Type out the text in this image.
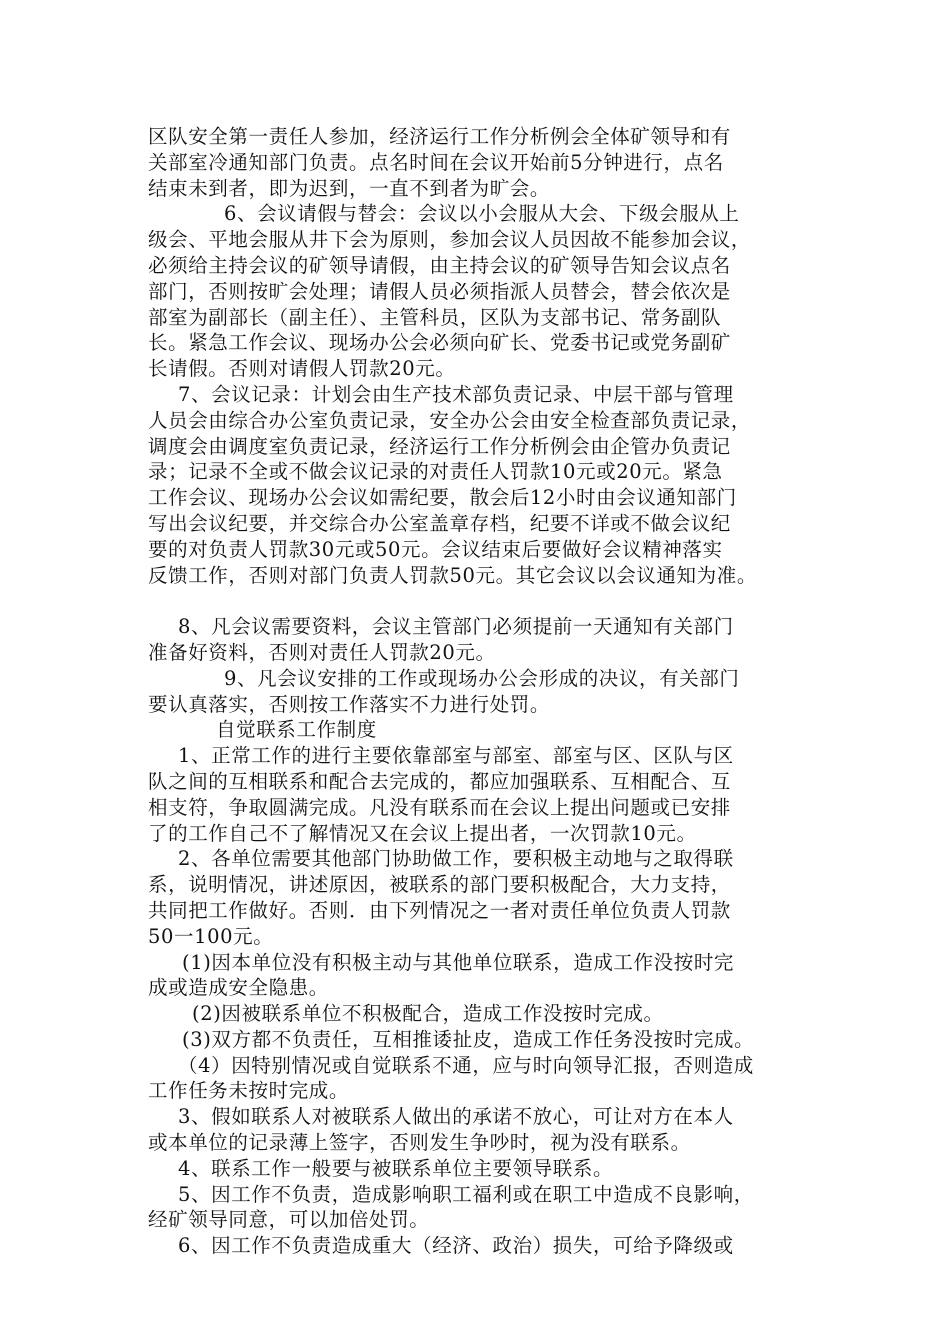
区队安全第一责任人参加，经济运行工作分析例会全体矿领导和有
关部室冷通知部门负责。点名时间在会议开始前5分钟进行，点名
结束未到者，即为迟到，一直不到者为旷会。
6、会议请假与替会：会议以小会服从大会、下级会服从上
级会、平地会服从井下会为原则，参加会议人员因故不能参加会议，
必须给主持会议的矿领导请假，由主持会议的矿领导告知会议点名
部门，否则按旷会处理；请假人员必须指派人员替会，替会依次是
部室为副部长（副主任）、主管科员，区队为支部书记、常务副队
长。紧急工作会议、现场办公会必须向矿长、党委书记或党务副矿
长请假。否则对请假人罚款20元。
7、会议记录：计划会由生产技术部负责记录、中层干部与管理
人员会由综合办公室负责记录，安全办公会由安全检查部负责记录，
调度会由调度室负责记录，经济运行工作分析例会由企管办负责记
录；记录不全或不做会议记录的对责任人罚款10元或20元。紧急
工作会议、现场办公会议如需纪要，散会后12小时由会议通知部门
写出会议纪要，并交综合办公室盖章存档，纪要不详或不做会议纪
要的对负责人罚款30元或50元。会议结束后要做好会议精神落实
反馈工作，否则对部门负责人罚款50元。其它会议以会议通知为准。
8、凡会议需要资料，会议主管部门必须提前一天通知有关部门
准备好资料，否则对责任人罚款20元。
9、凡会议安排的工作或现场办公会形成的决议，有关部门
要认真落实，否则按工作落实不力进行处罚。
自觉联系工作制度
1、正常工作的进行主要依靠部室与部室、部室与区、区队与区
队之间的互相联系和配合去完成的，都应加强联系、互相配合、互
相支符，争取圆满完成。凡没有联系而在会议上提出问题或已安排
了的工作自己不了解情况又在会议上提出者，一次罚款10元。
2、各单位需要其他部门协助做工作，要积极主动地与之取得联
系，说明情况，讲述原因，被联系的部门要积极配合，大力支持，
共同把工作做好。否则．由下列情况之一者对责任单位负责人罚款
50一100元。
(1)因本单位没有积极主动与其他单位联系，造成工作没按时完
成或造成安全隐患。
(2)因被联系单位不积极配合，造成工作没按时完成。
(3)双方都不负责任，互相推诿扯皮，造成工作任务没按时完成。
（4）因特别情况或自觉联系不通，应与时向领导汇报，否则造成
工作任务未按时完成。
3、假如联系人对被联系人做出的承诺不放心，可让对方在本人
或本单位的记录薄上签字，否则发生争吵时，视为没有联系。
4、联系工作一般要与被联系单位主要领导联系。
5、因工作不负责，造成影响职工福利或在职工中造成不良影响，
经矿领导同意，可以加倍处罚。
6、因工作不负责造成重大（经济、政治）损失，可给予降级或
